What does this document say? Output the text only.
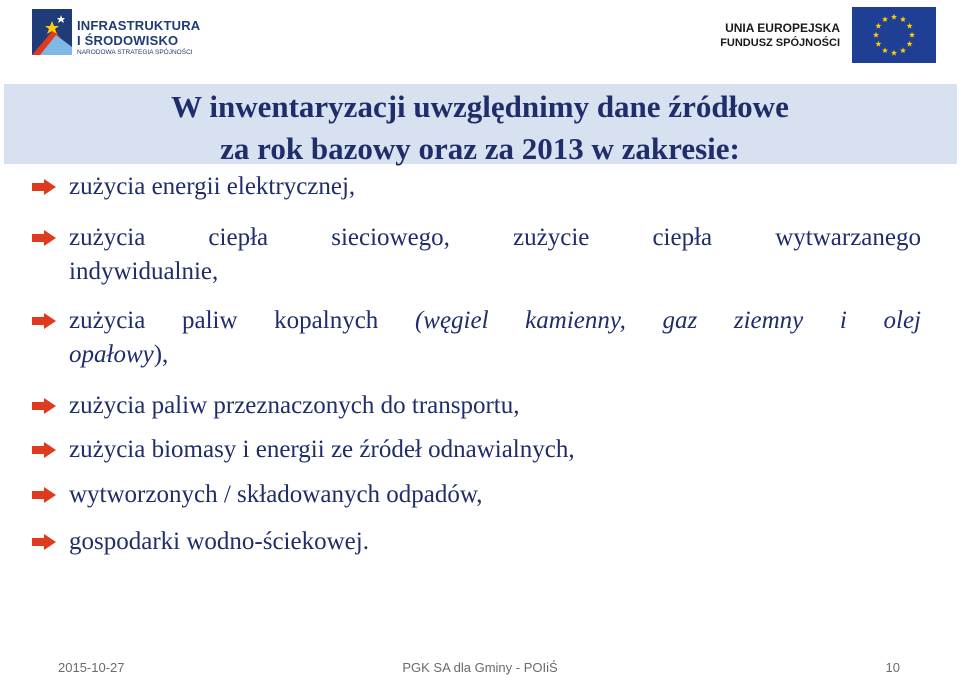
INFRASTRUKTURA
I ŚRODOWISKO
NARODOWA STRATEGIA SPÓJNOŚCI
UNIA EUROPEJSKA
FUNDUSZ SPÓJNOŚCI
W inwentaryzacji uwzględnimy dane źródłowe
za rok bazowy oraz za 2013 w zakresie:
zużycia energii elektrycznej,
zużycia ciepła sieciowego, zużycie ciepła wytwarzanego
indywidualnie,
zużycia paliw kopalnych (węgiel kamienny, gaz ziemny i olej
opałowy),
zużycia paliw przeznaczonych do transportu,
zużycia biomasy i energii ze źródeł odnawialnych,
wytworzonych / składowanych odpadów,
gospodarki wodno-ściekowej.
2015-10-27	PGK SA dla Gminy - POIiŚ	10
